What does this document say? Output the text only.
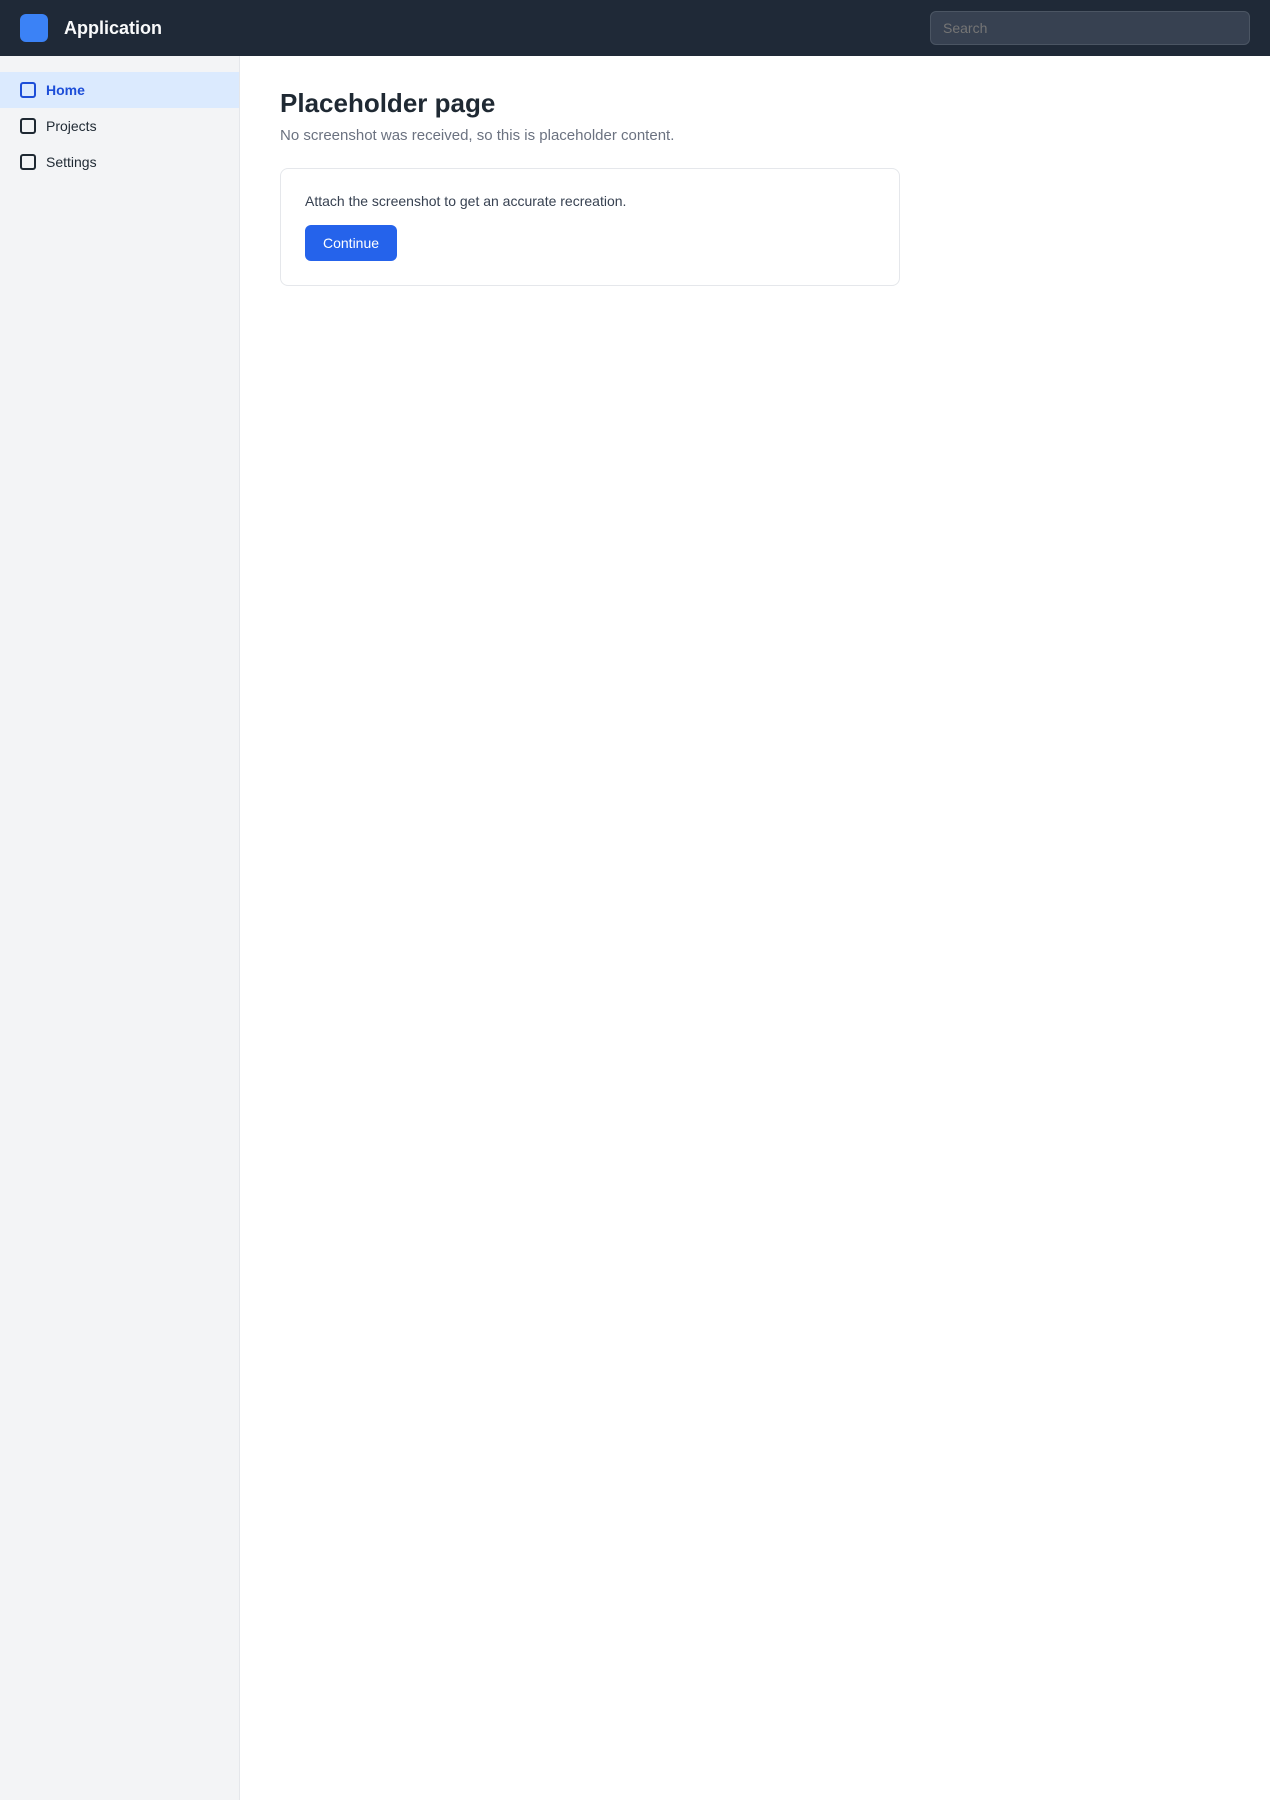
Application
Search
Home
Projects
Settings
Placeholder page

No screenshot was received, so this is placeholder content.

Attach the screenshot to get an accurate recreation.

Continue
